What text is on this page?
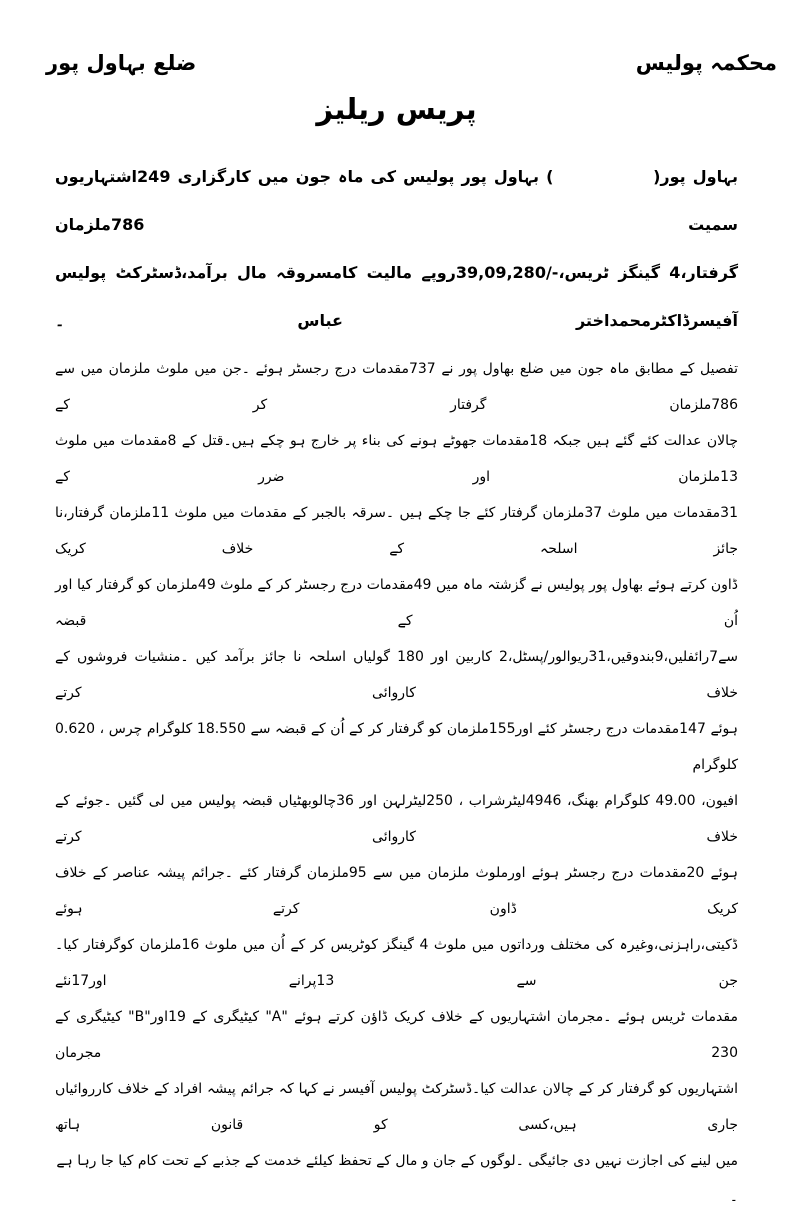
محکمہ پولیس
ضلع بہاول پور
پریس ریلیز
بہاول پور(              ) بہاول پور پولیس کی ماہ جون میں کارگزاری 249اشتہاریوں سمیت 786ملزمان
گرفتار،4 گینگز ٹریس،-/39,09,280روپے مالیت کامسروقہ مال برآمد،ڈسٹرکٹ پولیس آفیسرڈاکٹرمحمداختر عباس ۔
تفصیل کے مطابق ماہ جون میں ضلع بھاول پور نے 737مقدمات درج رجسٹر ہوئے ۔جن میں ملوث ملزمان میں سے 786ملزمان گرفتار کر کے
چالان عدالت کئے گئے ہیں جبکہ 18مقدمات جھوٹے ہونے کی بناء پر خارج ہو چکے ہیں۔قتل کے 8مقدمات میں ملوث 13ملزمان اور ضرر کے
31مقدمات میں ملوث 37ملزمان گرفتار کئے جا چکے ہیں ۔سرقہ بالجبر کے مقدمات میں ملوث 11ملزمان گرفتار،نا جائز اسلحہ کے خلاف کریک
ڈاون کرتے ہوئے بھاول پور پولیس نے گزشتہ ماہ میں 49مقدمات درج رجسٹر کر کے ملوث 49ملزمان کو گرفتار کیا اور اُن کے قبضہ
سے7رائفلیں،9بندوقیں،31ریوالور/پسٹل،2 کاربین اور 180 گولیاں اسلحہ نا جائز برآمد کیں ۔منشیات فروشوں کے خلاف کاروائی کرتے
ہوئے 147مقدمات درج رجسٹر کئے اور155ملزمان کو گرفتار کر کے اُن کے قبضہ سے 18.550 کلوگرام چرس ، 0.620 کلوگرام
افیون، 49.00 کلوگرام بھنگ، 4946لیٹرشراب ، 250لیٹرلہن اور 36چالوبھٹیاں قبضہ پولیس میں لی گئیں ۔جوئے کے خلاف کاروائی کرتے
ہوئے 20مقدمات درج رجسٹر ہوئے اورملوث ملزمان میں سے 95ملزمان گرفتار کئے ۔جرائم پیشہ عناصر کے خلاف کریک ڈاون کرتے ہوئے
ڈکیتی،راہزنی،وغیرہ کی مختلف ورداتوں میں ملوث 4 گینگز کوٹریس کر کے اُن میں ملوث 16ملزمان کوگرفتار کیا۔جن سے 13پرانے اور17نئے
مقدمات ٹریس ہوئے ۔مجرمان اشتہاریوں کے خلاف کریک ڈاؤن کرتے ہوئے "A" کیٹیگری کے 19اور"B" کیٹیگری کے 230 مجرمان
اشتہاریوں کو گرفتار کر کے چالان عدالت کیا۔ڈسٹرکٹ پولیس آفیسر نے کہا کہ جرائم پیشہ افراد کے خلاف کارروائیاں جاری ہیں،کسی کو قانون ہاتھ
میں لینے کی اجازت نہیں دی جائیگی ۔لوگوں کے جان و مال کے تحفظ کیلئے خدمت کے جذبے کے تحت کام کیا جا رہا ہے ۔
